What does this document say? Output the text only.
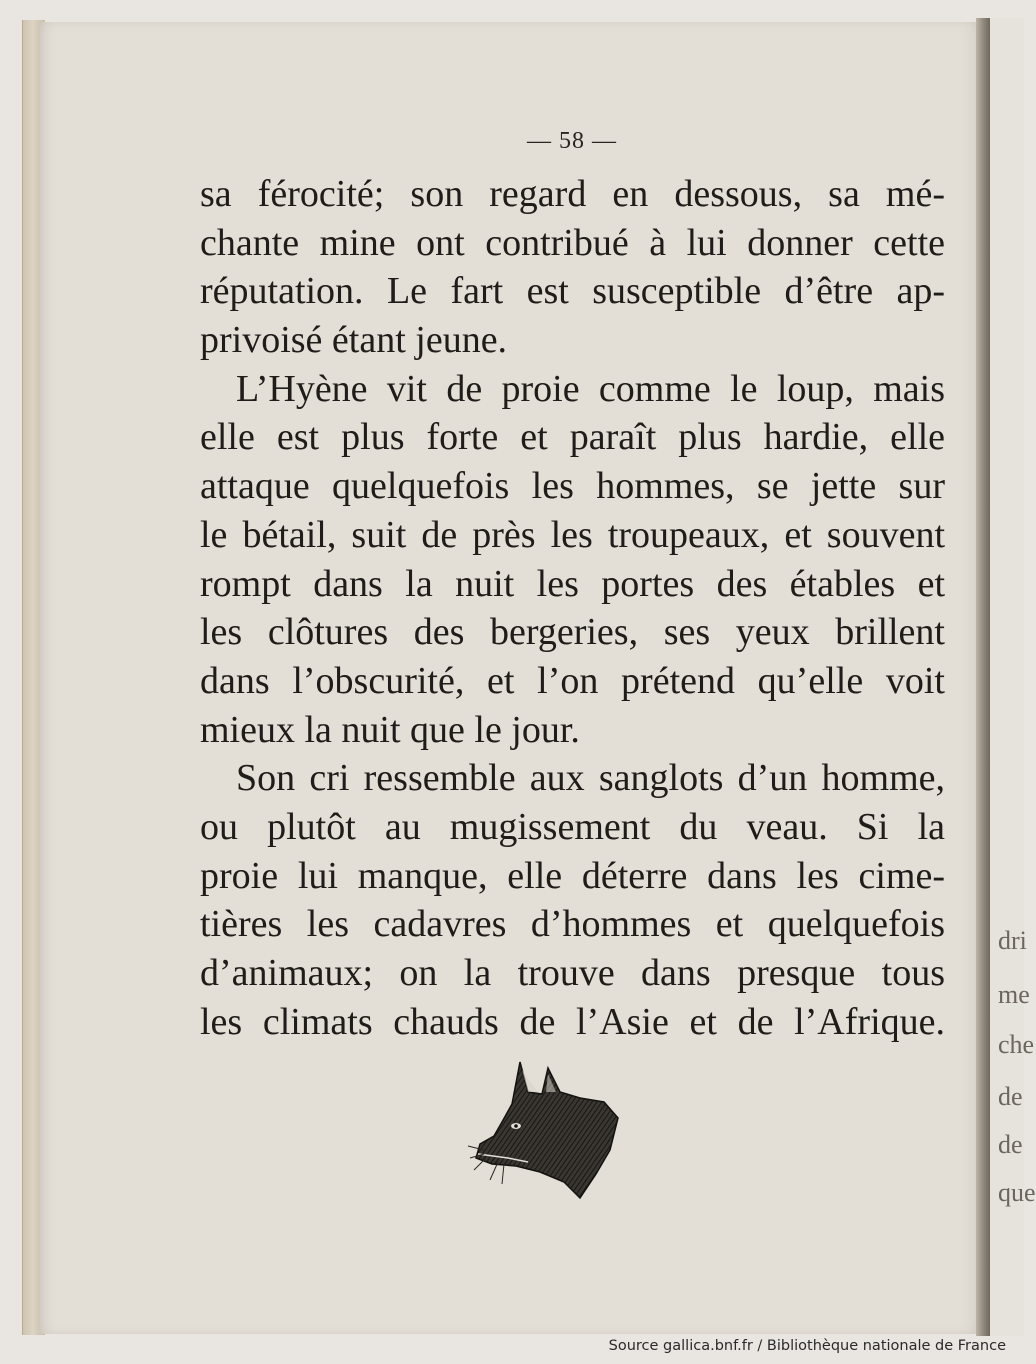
dri
me
che
de
de
que
— 58 —
sa férocité; son regard en dessous, sa mé-
chante mine ont contribué à lui donner cette
réputation. Le fart est susceptible d’être ap-
privoisé étant jeune.
L’Hyène vit de proie comme le loup, mais
elle est plus forte et paraît plus hardie, elle
attaque quelquefois les hommes, se jette sur
le bétail, suit de près les troupeaux, et souvent
rompt dans la nuit les portes des étables et
les clôtures des bergeries, ses yeux brillent
dans l’obscurité, et l’on prétend qu’elle voit
mieux la nuit que le jour.
Son cri ressemble aux sanglots d’un homme,
ou plutôt au mugissement du veau. Si la
proie lui manque, elle déterre dans les cime-
tières les cadavres d’hommes et quelquefois
d’animaux; on la trouve dans presque tous
les climats chauds de l’Asie et de l’Afrique.
Source gallica.bnf.fr / Bibliothèque nationale de France
